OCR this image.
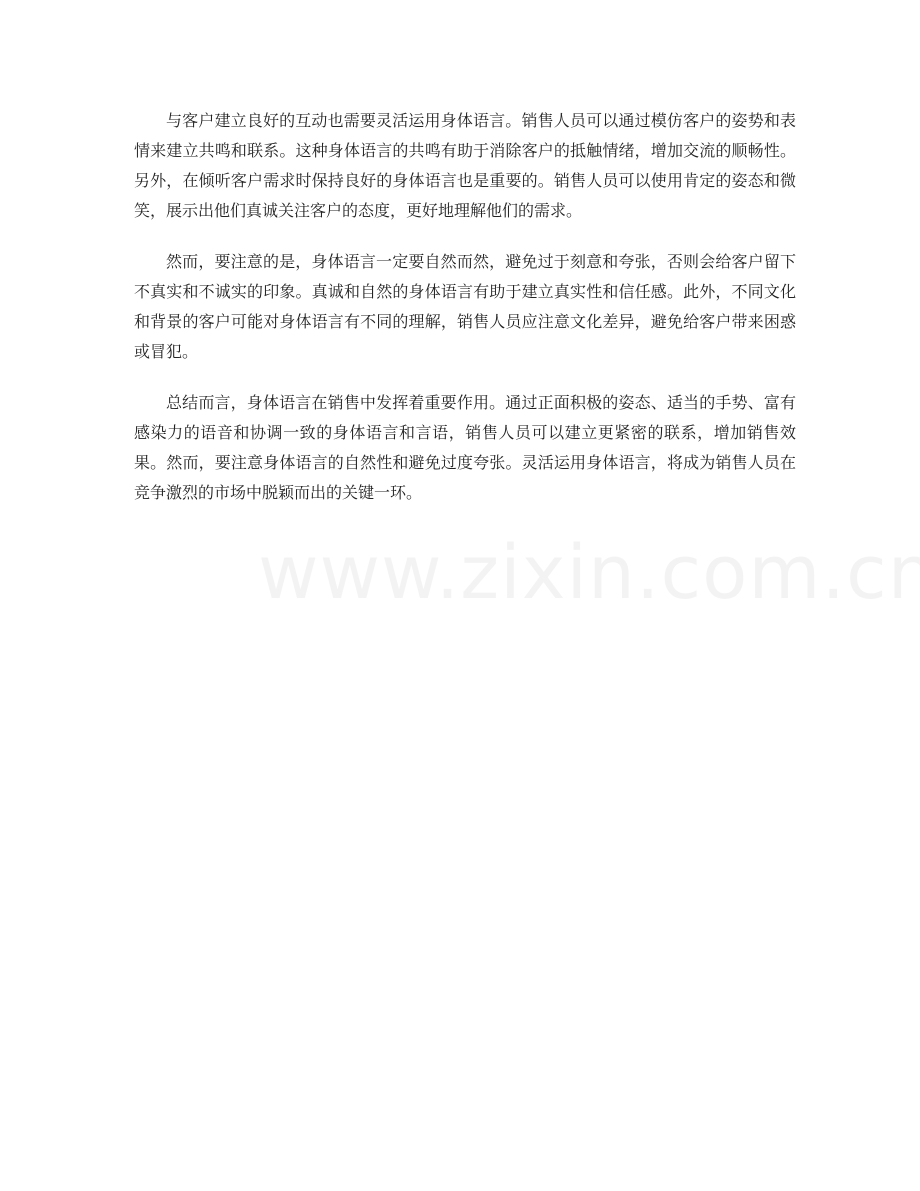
与客户建立良好的互动也需要灵活运用身体语言。销售人员可以通过模仿客户的姿势和表情来建立共鸣和联系。这种身体语言的共鸣有助于消除客户的抵触情绪，增加交流的顺畅性。另外，在倾听客户需求时保持良好的身体语言也是重要的。销售人员可以使用肯定的姿态和微笑，展示出他们真诚关注客户的态度，更好地理解他们的需求。

然而，要注意的是，身体语言一定要自然而然，避免过于刻意和夸张，否则会给客户留下不真实和不诚实的印象。真诚和自然的身体语言有助于建立真实性和信任感。此外，不同文化和背景的客户可能对身体语言有不同的理解，销售人员应注意文化差异，避免给客户带来困惑或冒犯。

总结而言，身体语言在销售中发挥着重要作用。通过正面积极的姿态、适当的手势、富有感染力的语音和协调一致的身体语言和言语，销售人员可以建立更紧密的联系，增加销售效果。然而，要注意身体语言的自然性和避免过度夸张。灵活运用身体语言，将成为销售人员在竞争激烈的市场中脱颖而出的关键一环。
